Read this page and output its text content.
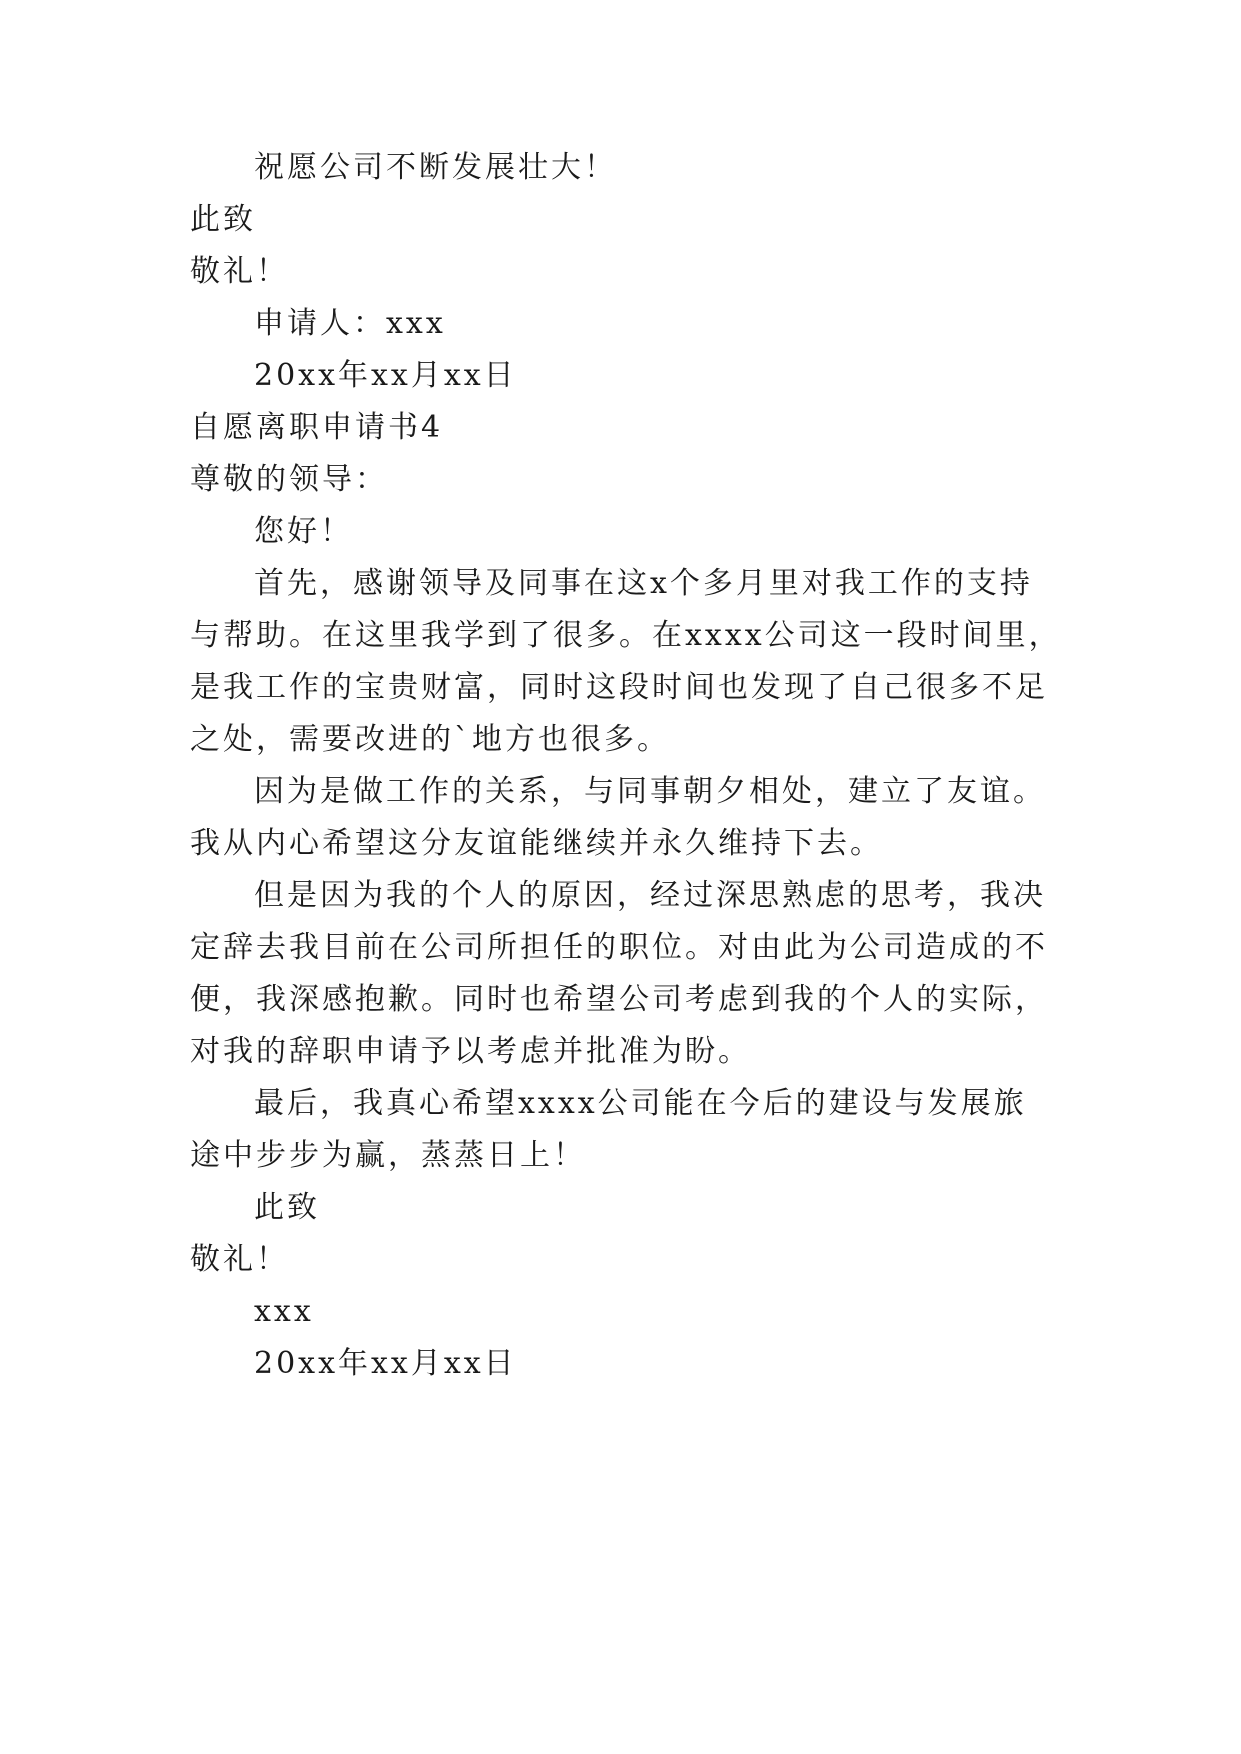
祝愿公司不断发展壮大！
此致
敬礼！
申请人：xxx
20xx年xx月xx日
自愿离职申请书4
尊敬的领导：
您好！
首先，感谢领导及同事在这x个多月里对我工作的支持
与帮助。在这里我学到了很多。在xxxx公司这一段时间里，
是我工作的宝贵财富，同时这段时间也发现了自己很多不足
之处，需要改进的`地方也很多。
因为是做工作的关系，与同事朝夕相处，建立了友谊。
我从内心希望这分友谊能继续并永久维持下去。
但是因为我的个人的原因，经过深思熟虑的思考，我决
定辞去我目前在公司所担任的职位。对由此为公司造成的不
便，我深感抱歉。同时也希望公司考虑到我的个人的实际，
对我的辞职申请予以考虑并批准为盼。
最后，我真心希望xxxx公司能在今后的建设与发展旅
途中步步为赢，蒸蒸日上！
此致
敬礼！
xxx
20xx年xx月xx日
